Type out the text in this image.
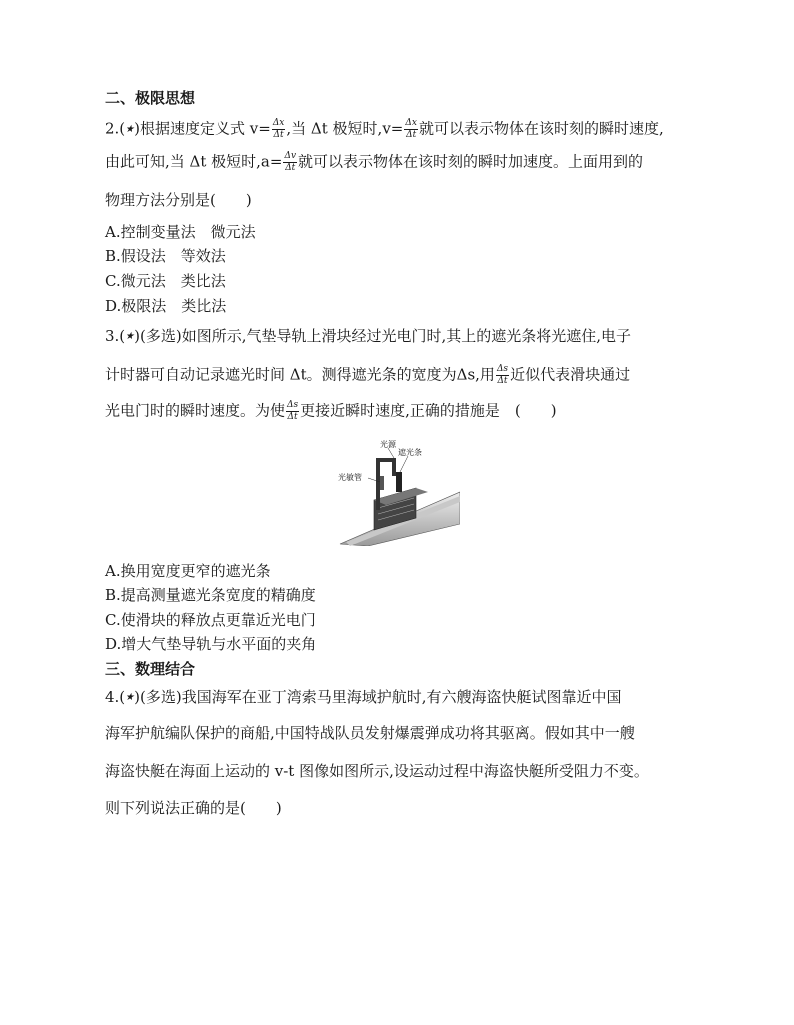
二、极限思想
2.(★)根据速度定义式 $v= \frac{\Delta x}{\Delta t}$ ,当 Δt 极短时$,v= \frac{\Delta x}{\Delta t}$ 就可以表示物体在该时刻的瞬时速度,
由此可知,当 Δt 极短时$,a= \frac{\Delta v}{\Delta t}$ 就可以表示物体在该时刻的瞬时加速度。上面用到的
物理方法分别是(　　)
A.控制变量法　微元法
B.假设法　等效法
C.微元法　类比法
D.极限法　类比法
3.(★)(多选)如图所示,气垫导轨上滑块经过光电门时,其上的遮光条将光遮住,电子
计时器可自动记录遮光时间 Δt。测得遮光条的宽度为Δs,用 $\frac{\Delta s}{\Delta t}$ 近似代表滑块通过
光电门时的瞬时速度。为使 $\frac{\Delta s}{\Delta t}$ 更接近瞬时速度,正确的措施是　(　　)
光源
遮光条
光敏管
A.换用宽度更窄的遮光条
B.提高测量遮光条宽度的精确度
C.使滑块的释放点更靠近光电门
D.增大气垫导轨与水平面的夹角
三、数理结合
4.(★)(多选)我国海军在亚丁湾索马里海域护航时,有六艘海盗快艇试图靠近中国
海军护航编队保护的商船,中国特战队员发射爆震弹成功将其驱离。假如其中一艘
海盗快艇在海面上运动的 v-t 图像如图所示,设运动过程中海盗快艇所受阻力不变。
则下列说法正确的是(　　)
